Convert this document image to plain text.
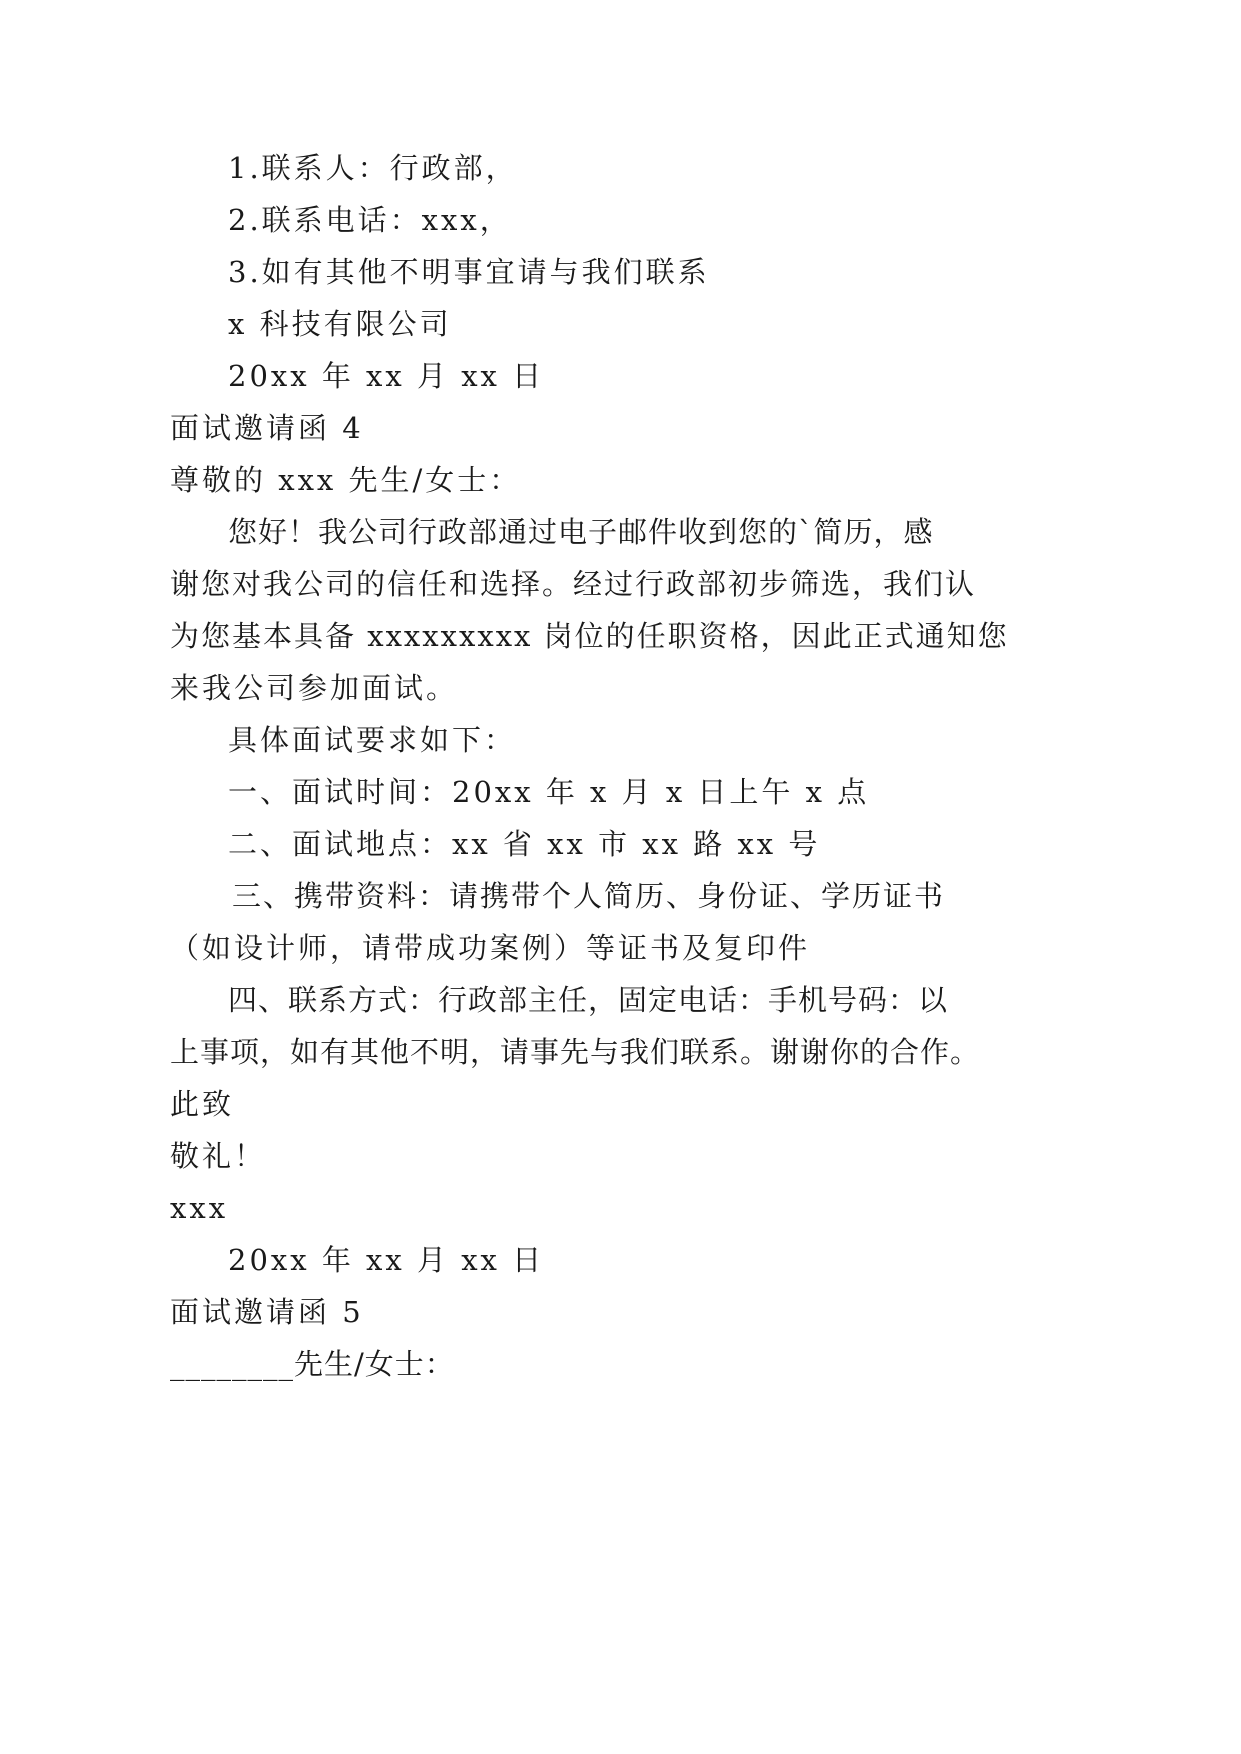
1.联系人：行政部，
2.联系电话：xxx，
3.如有其他不明事宜请与我们联系
x 科技有限公司
20xx 年 xx 月 xx 日
面试邀请函 4
尊敬的 xxx 先生/女士：
您好！我公司行政部通过电子邮件收到您的`简历，感
谢您对我公司的信任和选择。经过行政部初步筛选，我们认
为您基本具备 xxxxxxxxx 岗位的任职资格，因此正式通知您
来我公司参加面试。
具体面试要求如下：
一、面试时间：20xx 年 x 月 x 日上午 x 点
二、面试地点：xx 省 xx 市 xx 路 xx 号
三、携带资料：请携带个人简历、身份证、学历证书
（如设计师，请带成功案例）等证书及复印件
四、联系方式：行政部主任，固定电话：手机号码：以
上事项，如有其他不明，请事先与我们联系。谢谢你的合作。
此致
敬礼！
xxx
20xx 年 xx 月 xx 日
面试邀请函 5
________先生/女士：
